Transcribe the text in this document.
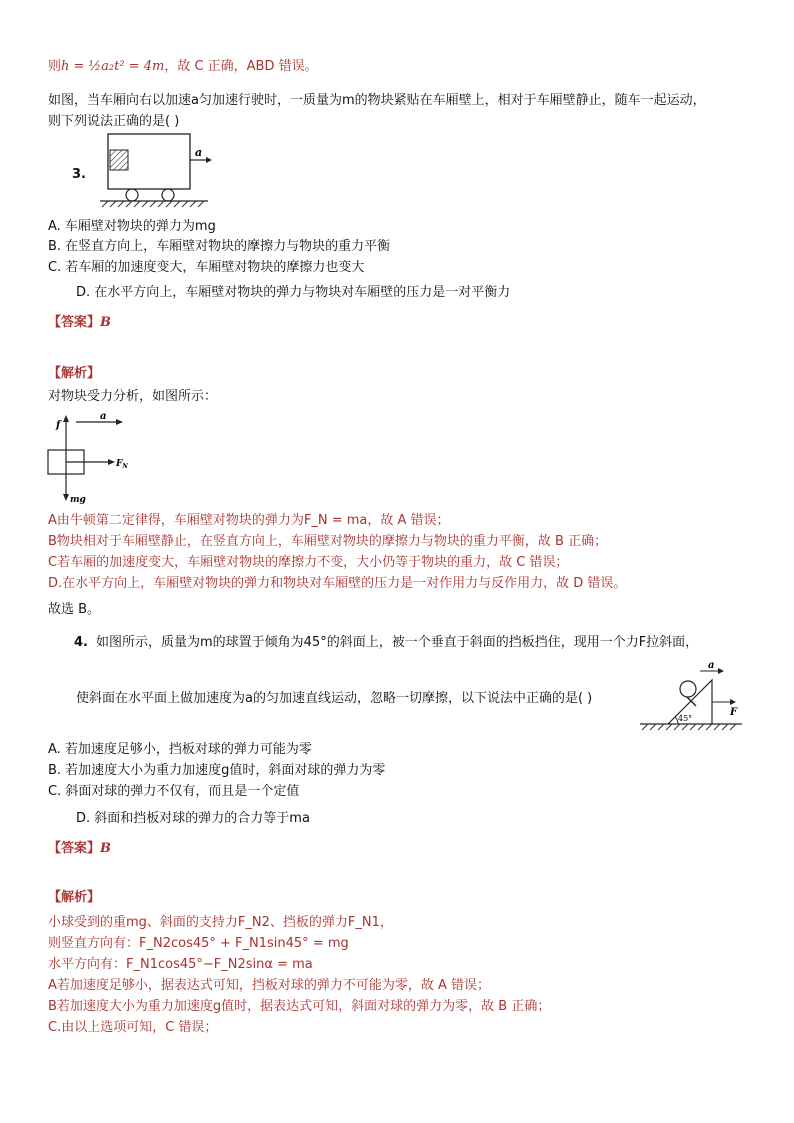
则h = ½a₂t² = 4m，故 C 正确，ABD 错误。
如图，当车厢向右以加速a匀加速行驶时，一质量为m的物块紧贴在车厢壁上，相对于车厢壁静止，随车一起运动，
则下列说法正确的是( )
3.
a
A. 车厢壁对物块的弹力为mg
B. 在竖直方向上，车厢壁对物块的摩擦力与物块的重力平衡
C. 若车厢的加速度变大，车厢壁对物块的摩擦力也变大
D. 在水平方向上，车厢壁对物块的弹力与物块对车厢壁的压力是一对平衡力
【答案】B
【解析】
对物块受力分析，如图所示：
f
a
$F_N$
mg
A由牛顿第二定律得，车厢壁对物块的弹力为F_N = ma，故 A 错误；
B物块相对于车厢壁静止，在竖直方向上，车厢壁对物块的摩擦力与物块的重力平衡，故 B 正确；
C若车厢的加速度变大，车厢壁对物块的摩擦力不变，大小仍等于物块的重力，故 C 错误；
D.在水平方向上，车厢壁对物块的弹力和物块对车厢壁的压力是一对作用力与反作用力，故 D 错误。
故选 B。
4. 如图所示，质量为m的球置于倾角为45°的斜面上，被一个垂直于斜面的挡板挡住，现用一个力F拉斜面，
使斜面在水平面上做加速度为a的匀加速直线运动，忽略一切摩擦，以下说法中正确的是( )
a
F
45°
A. 若加速度足够小，挡板对球的弹力可能为零
B. 若加速度大小为重力加速度g值时，斜面对球的弹力为零
C. 斜面对球的弹力不仅有，而且是一个定值
D. 斜面和挡板对球的弹力的合力等于ma
【答案】B
【解析】
小球受到的重mg、斜面的支持力F_N2、挡板的弹力F_N1，
则竖直方向有：F_N2cos45° + F_N1sin45° = mg
水平方向有：F_N1cos45°−F_N2sinα = ma
A若加速度足够小，据表达式可知，挡板对球的弹力不可能为零，故 A 错误；
B若加速度大小为重力加速度g值时，据表达式可知，斜面对球的弹力为零，故 B 正确；
C.由以上选项可知，C 错误；
